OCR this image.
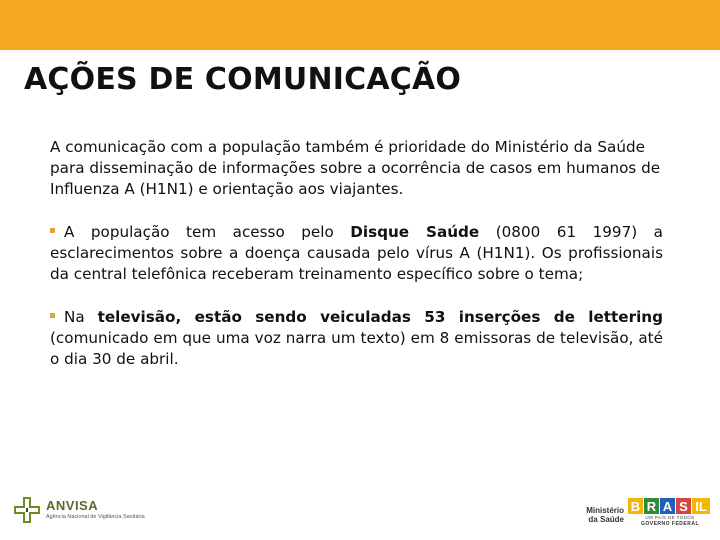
AÇÕES DE COMUNICAÇÃO

A comunicação com a população também é prioridade do Ministério da Saúde para disseminação de informações sobre a ocorrência de casos em humanos de Influenza A (H1N1) e orientação aos viajantes.

A população tem acesso pelo Disque Saúde (0800 61 1997) a esclarecimentos sobre a doença causada pelo vírus A (H1N1). Os profissionais da central telefônica receberam treinamento específico sobre o tema;

Na televisão, estão sendo veiculadas 53 inserções de lettering (comunicado em que uma voz narra um texto) em 8 emissoras de televisão, até o dia 30 de abril.

ANVISA
Agência Nacional de Vigilância Sanitária
Ministério
da Saúde
B R A S IL
UM PAÍS DE TODOS
GOVERNO FEDERAL
